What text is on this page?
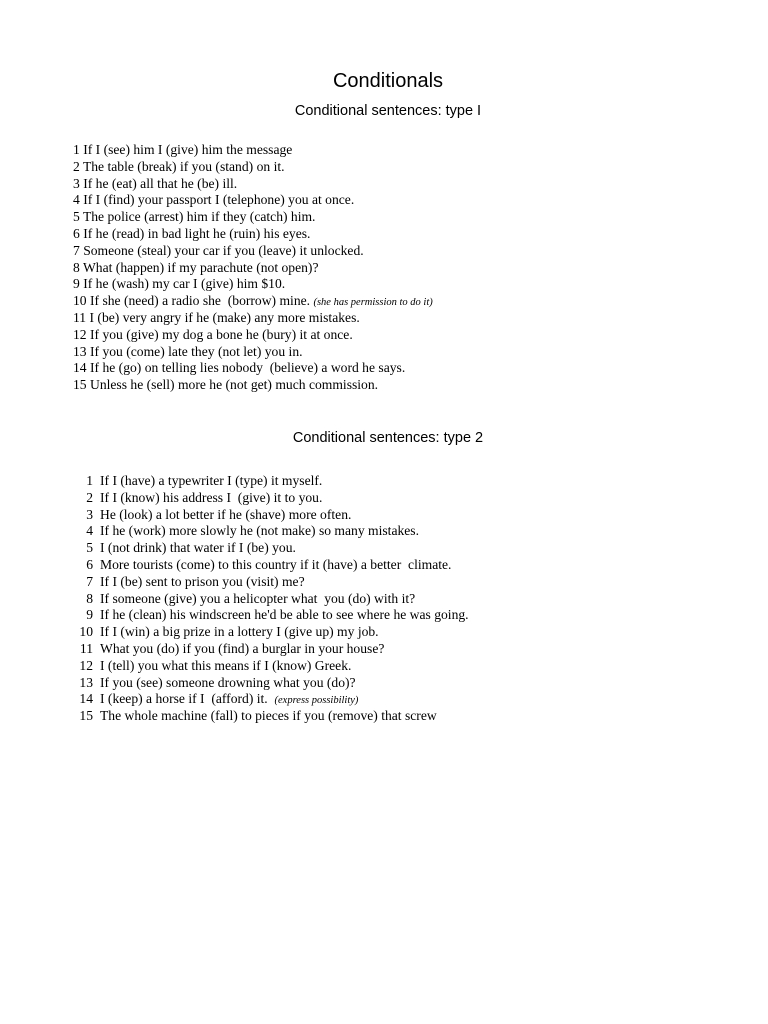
Conditionals
Conditional sentences: type I
1 If I (see) him I (give) him the message
2 The table (break) if you (stand) on it.
3 If he (eat) all that he (be) ill.
4 If I (find) your passport I (telephone) you at once.
5 The police (arrest) him if they (catch) him.
6 If he (read) in bad light he (ruin) his eyes.
7 Someone (steal) your car if you (leave) it unlocked.
8 What (happen) if my parachute (not open)?
9 If he (wash) my car I (give) him $10.
10 If she (need) a radio she  (borrow) mine. (she has permission to do it)
11 I (be) very angry if he (make) any more mistakes.
12 If you (give) my dog a bone he (bury) it at once.
13 If you (come) late they (not let) you in.
14 If he (go) on telling lies nobody  (believe) a word he says.
15 Unless he (sell) more he (not get) much commission.
Conditional sentences: type 2
1 If I (have) a typewriter I (type) it myself.
2 If I (know) his address I  (give) it to you.
3 He (look) a lot better if he (shave) more often.
4 If he (work) more slowly he (not make) so many mistakes.
5 I (not drink) that water if I (be) you.
6 More tourists (come) to this country if it (have) a better  climate.
7 If I (be) sent to prison you (visit) me?
8 If someone (give) you a helicopter what  you (do) with it?
9 If he (clean) his windscreen he'd be able to see where he was going.
10 If I (win) a big prize in a lottery I (give up) my job.
11 What you (do) if you (find) a burglar in your house?
12 I (tell) you what this means if I (know) Greek.
13 If you (see) someone drowning what you (do)?
14 I (keep) a horse if I  (afford) it.  (express possibility)
15 The whole machine (fall) to pieces if you (remove) that screw
